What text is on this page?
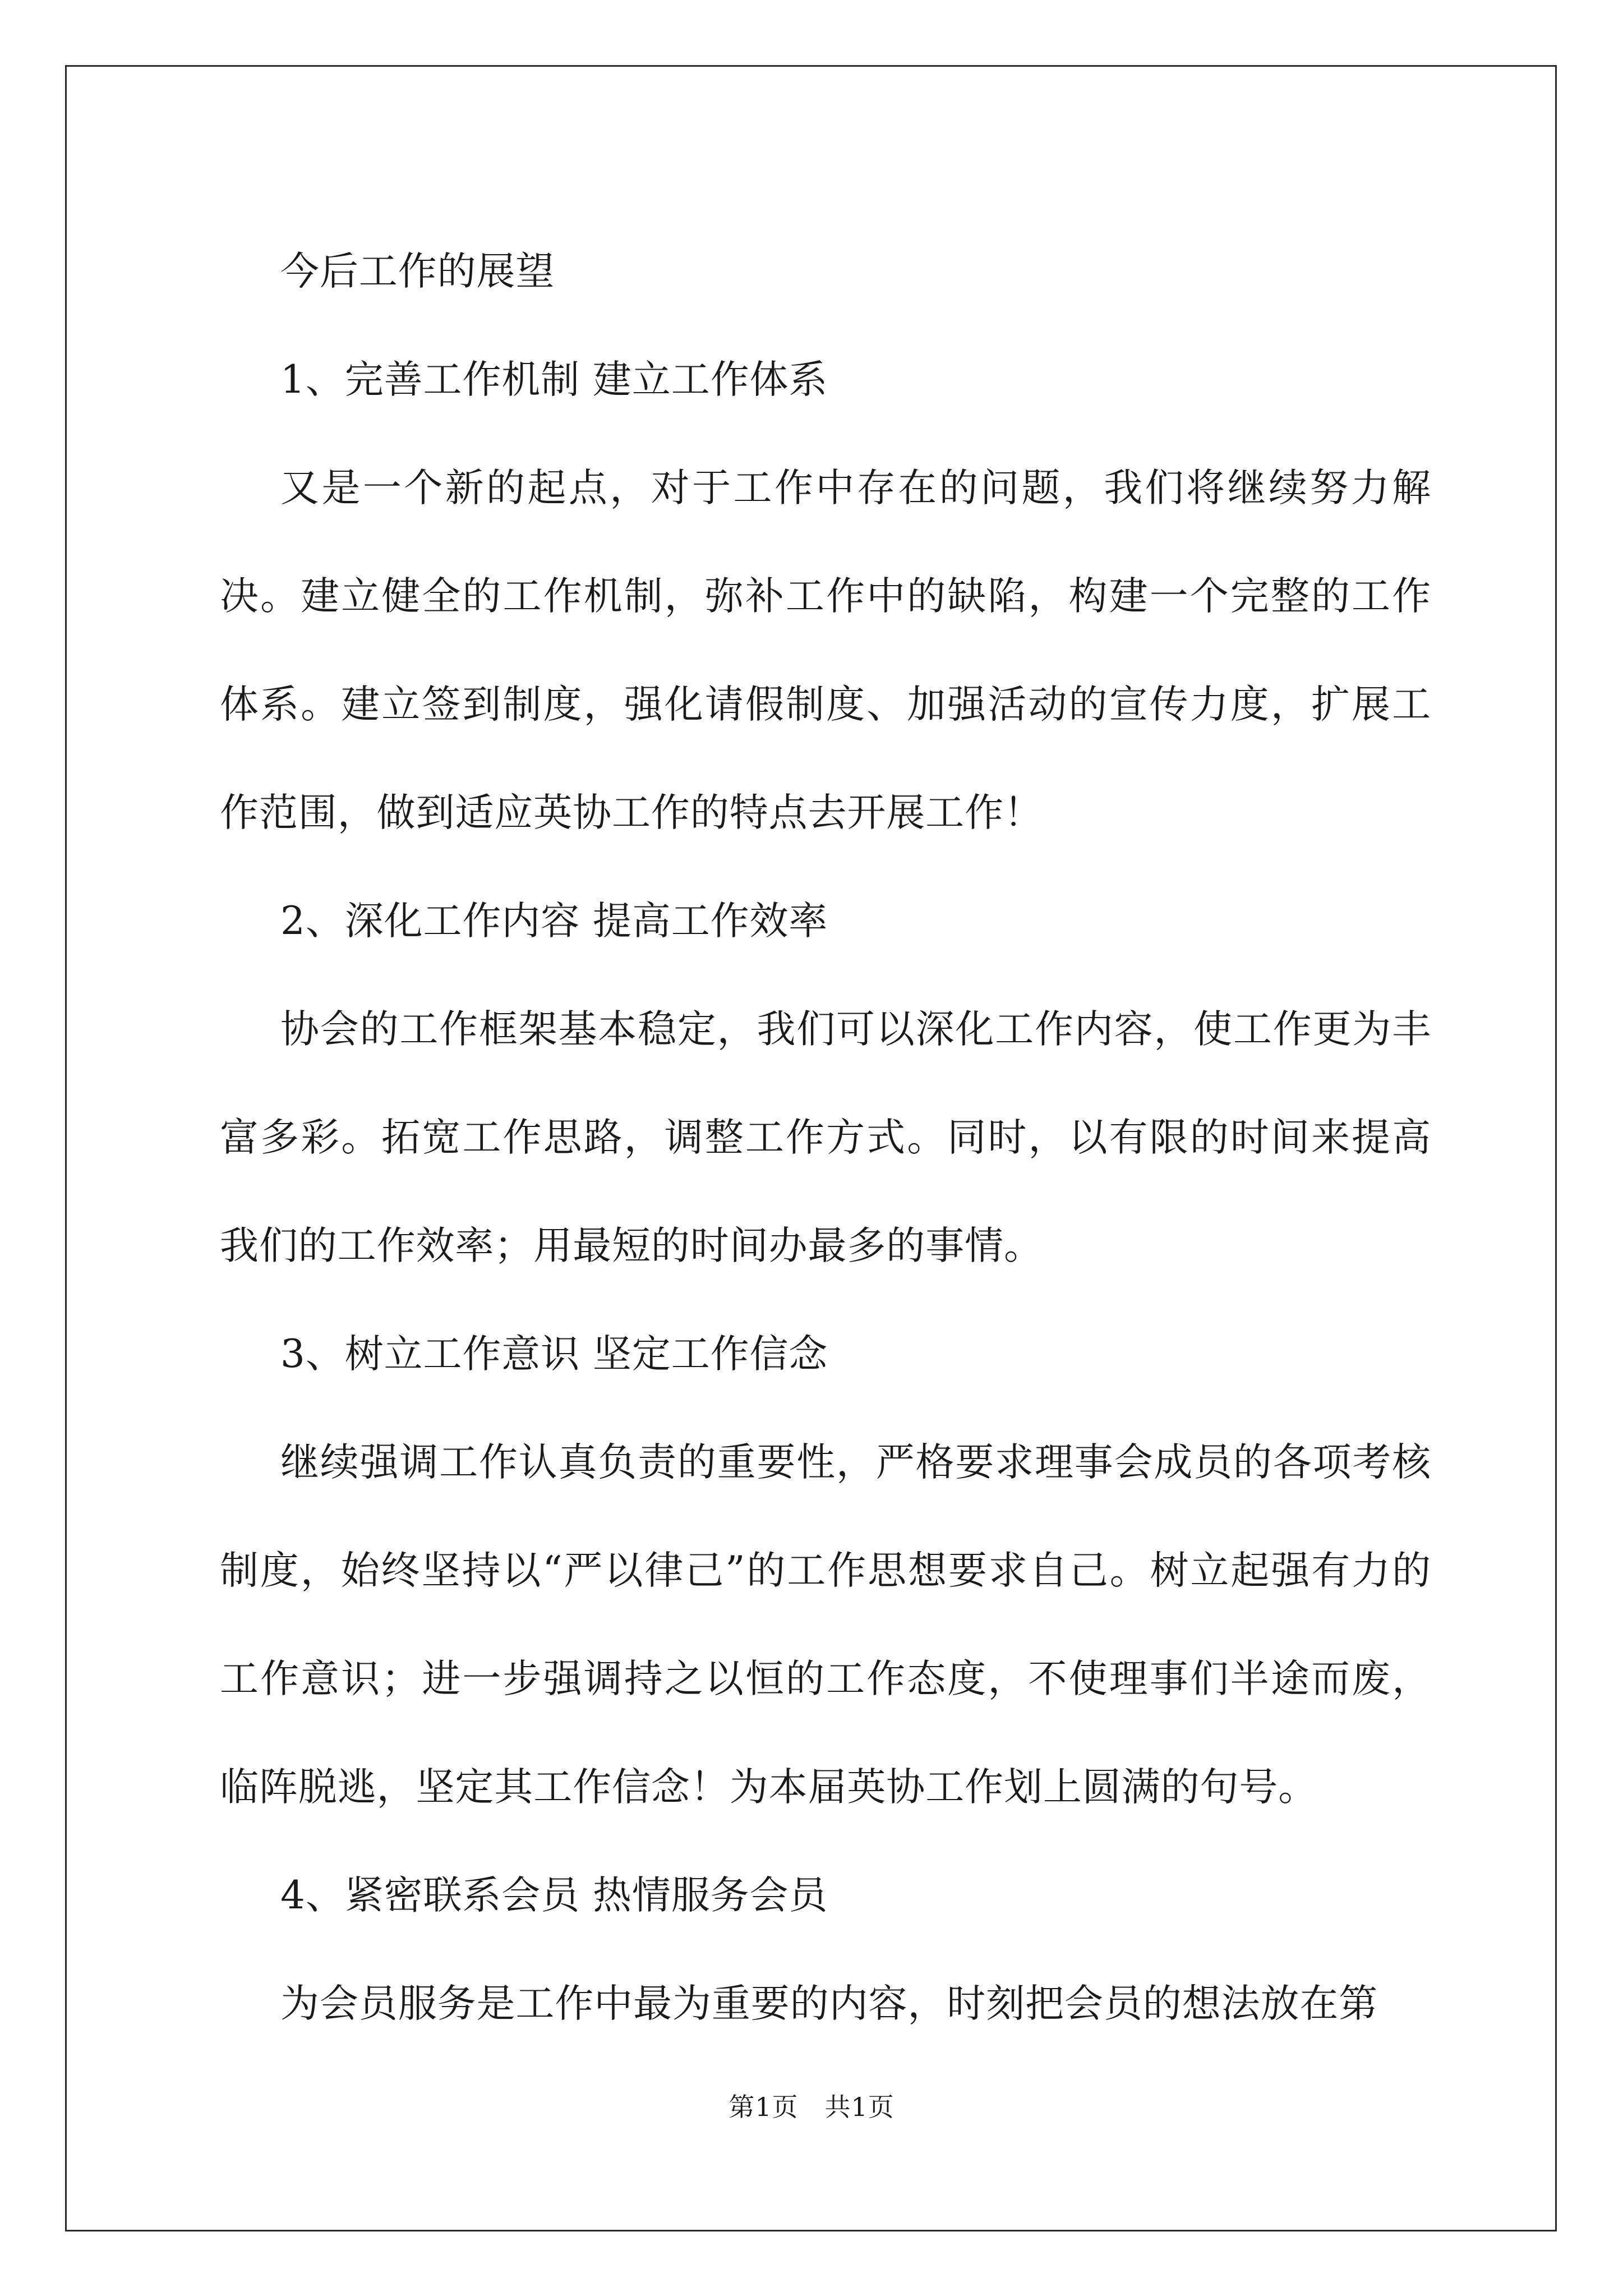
今后工作的展望

1、完善工作机制 建立工作体系

又是一个新的起点，对于工作中存在的问题，我们将继续努力解决。建立健全的工作机制，弥补工作中的缺陷，构建一个完整的工作体系。建立签到制度，强化请假制度、加强活动的宣传力度，扩展工作范围，做到适应英协工作的特点去开展工作！

2、深化工作内容 提高工作效率

协会的工作框架基本稳定，我们可以深化工作内容，使工作更为丰富多彩。拓宽工作思路，调整工作方式。同时，以有限的时间来提高我们的工作效率；用最短的时间办最多的事情。

3、树立工作意识 坚定工作信念

继续强调工作认真负责的重要性，严格要求理事会成员的各项考核制度，始终坚持以“严以律己”的工作思想要求自己。树立起强有力的工作意识；进一步强调持之以恒的工作态度，不使理事们半途而废，临阵脱逃，坚定其工作信念！为本届英协工作划上圆满的句号。

4、紧密联系会员 热情服务会员

为会员服务是工作中最为重要的内容，时刻把会员的想法放在第

第1页　共1页
